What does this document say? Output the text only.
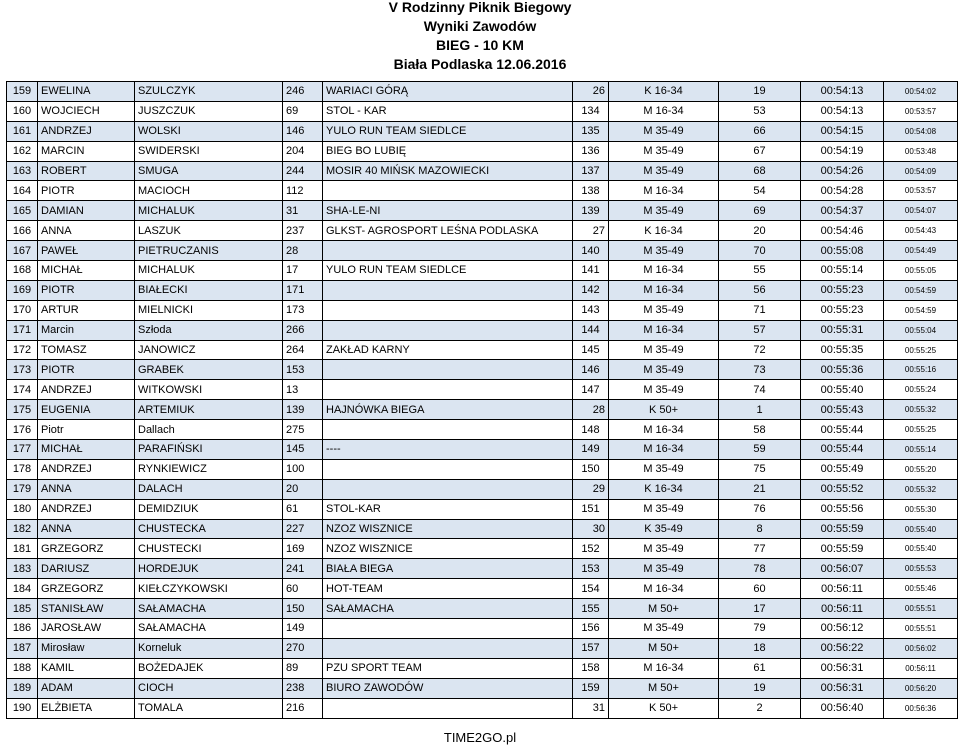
V Rodzinny Piknik Biegowy
Wyniki Zawodów
BIEG - 10 KM
Biała Podlaska 12.06.2016
159	EWELINA	SZULCZYK	246	WARIACI GÓRĄ	26	K 16-34	19	00:54:13	00:54:02
160	WOJCIECH	JUSZCZUK	69	STOL - KAR	134	M 16-34	53	00:54:13	00:53:57
161	ANDRZEJ	WOLSKI	146	YULO RUN TEAM SIEDLCE	135	M 35-49	66	00:54:15	00:54:08
162	MARCIN	SWIDERSKI	204	BIEG BO LUBIĘ	136	M 35-49	67	00:54:19	00:53:48
163	ROBERT	SMUGA	244	MOSIR 40 MIŃSK MAZOWIECKI	137	M 35-49	68	00:54:26	00:54:09
164	PIOTR	MACIOCH	112		138	M 16-34	54	00:54:28	00:53:57
165	DAMIAN	MICHALUK	31	SHA-LE-NI	139	M 35-49	69	00:54:37	00:54:07
166	ANNA	LASZUK	237	GLKST- AGROSPORT LEŚNA PODLASKA	27	K 16-34	20	00:54:46	00:54:43
167	PAWEŁ	PIETRUCZANIS	28		140	M 35-49	70	00:55:08	00:54:49
168	MICHAŁ	MICHALUK	17	YULO RUN TEAM SIEDLCE	141	M 16-34	55	00:55:14	00:55:05
169	PIOTR	BIAŁECKI	171		142	M 16-34	56	00:55:23	00:54:59
170	ARTUR	MIELNICKI	173		143	M 35-49	71	00:55:23	00:54:59
171	Marcin	Szłoda	266		144	M 16-34	57	00:55:31	00:55:04
172	TOMASZ	JANOWICZ	264	ZAKŁAD KARNY	145	M 35-49	72	00:55:35	00:55:25
173	PIOTR	GRABEK	153		146	M 35-49	73	00:55:36	00:55:16
174	ANDRZEJ	WITKOWSKI	13		147	M 35-49	74	00:55:40	00:55:24
175	EUGENIA	ARTEMIUK	139	HAJNÓWKA BIEGA	28	K 50+	1	00:55:43	00:55:32
176	Piotr	Dallach	275		148	M 16-34	58	00:55:44	00:55:25
177	MICHAŁ	PARAFIŃSKI	145	----	149	M 16-34	59	00:55:44	00:55:14
178	ANDRZEJ	RYNKIEWICZ	100		150	M 35-49	75	00:55:49	00:55:20
179	ANNA	DALACH	20		29	K 16-34	21	00:55:52	00:55:32
180	ANDRZEJ	DEMIDZIUK	61	STOL-KAR	151	M 35-49	76	00:55:56	00:55:30
182	ANNA	CHUSTECKA	227	NZOZ WISZNICE	30	K 35-49	8	00:55:59	00:55:40
181	GRZEGORZ	CHUSTECKI	169	NZOZ WISZNICE	152	M 35-49	77	00:55:59	00:55:40
183	DARIUSZ	HORDEJUK	241	BIAŁA BIEGA	153	M 35-49	78	00:56:07	00:55:53
184	GRZEGORZ	KIEŁCZYKOWSKI	60	HOT-TEAM	154	M 16-34	60	00:56:11	00:55:46
185	STANISŁAW	SAŁAMACHA	150	SAŁAMACHA	155	M 50+	17	00:56:11	00:55:51
186	JAROSŁAW	SAŁAMACHA	149		156	M 35-49	79	00:56:12	00:55:51
187	Mirosław	Korneluk	270		157	M 50+	18	00:56:22	00:56:02
188	KAMIL	BOŻEDAJEK	89	PZU SPORT TEAM	158	M 16-34	61	00:56:31	00:56:11
189	ADAM	CIOCH	238	BIURO ZAWODÓW	159	M 50+	19	00:56:31	00:56:20
190	ELŻBIETA	TOMALA	216		31	K 50+	2	00:56:40	00:56:36
TIME2GO.pl
